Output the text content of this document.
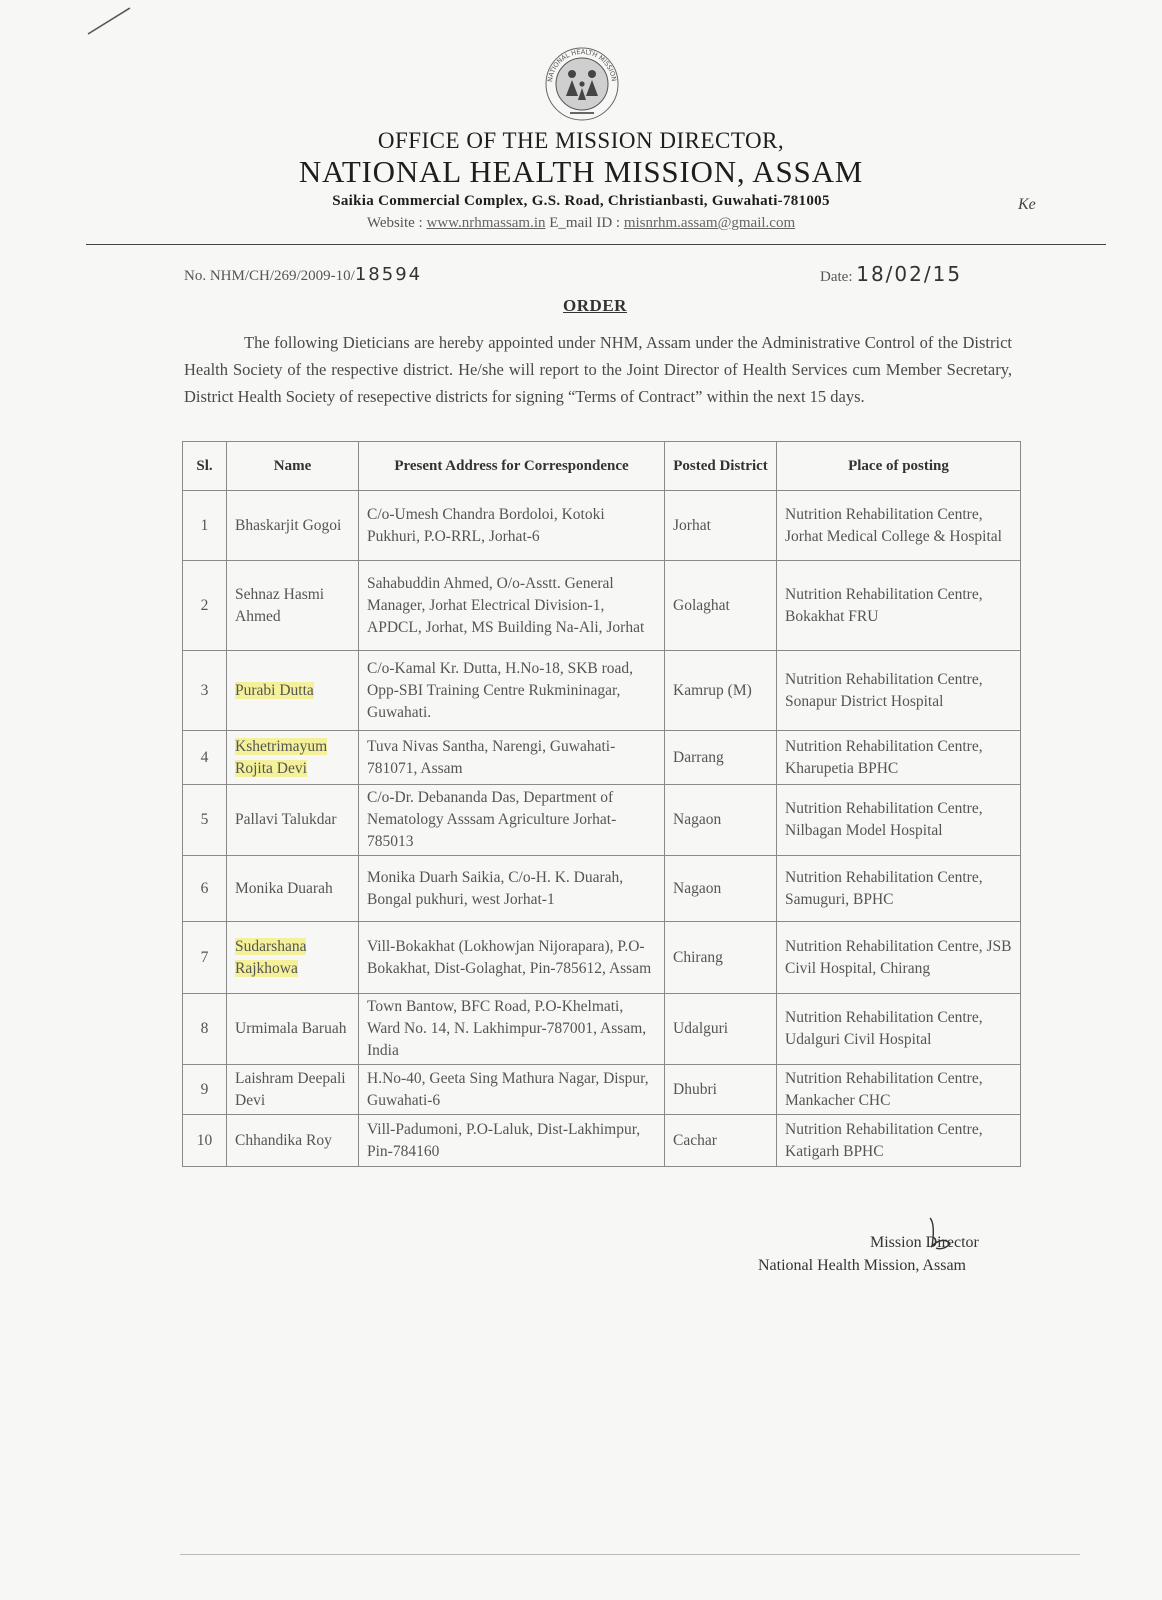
NATIONAL HEALTH MISSION
OFFICE OF THE MISSION DIRECTOR,
NATIONAL HEALTH MISSION, ASSAM
Saikia Commercial Complex, G.S. Road, Christianbasti, Guwahati-781005
Website : www.nrhmassam.in E_mail ID : misnrhm.assam@gmail.com
Ke
No. NHM/CH/269/2009-10/18594	Date: 18/02/15
ORDER
The following Dieticians are hereby appointed under NHM, Assam under the Administrative Control of the District Health Society of the respective district. He/she will report to the Joint Director of Health Services cum Member Secretary, District Health Society of resepective districts for signing “Terms of Contract” within the next 15 days.
Sl.	Name	Present Address for Correspondence	Posted District	Place of posting
1	Bhaskarjit Gogoi	C/o-Umesh Chandra Bordoloi, Kotoki Pukhuri, P.O-RRL, Jorhat-6	Jorhat	Nutrition Rehabilitation Centre, Jorhat Medical College & Hospital
2	Sehnaz Hasmi Ahmed	Sahabuddin Ahmed, O/o-Asstt. General Manager, Jorhat Electrical Division-1, APDCL, Jorhat, MS Building Na-Ali, Jorhat	Golaghat	Nutrition Rehabilitation Centre, Bokakhat FRU
3	Purabi Dutta	C/o-Kamal Kr. Dutta, H.No-18, SKB road, Opp-SBI Training Centre Rukmininagar, Guwahati.	Kamrup (M)	Nutrition Rehabilitation Centre, Sonapur District Hospital
4	Kshetrimayum Rojita Devi	Tuva Nivas Santha, Narengi, Guwahati-781071, Assam	Darrang	Nutrition Rehabilitation Centre, Kharupetia BPHC
5	Pallavi Talukdar	C/o-Dr. Debananda Das, Department of Nematology Asssam Agriculture Jorhat-785013	Nagaon	Nutrition Rehabilitation Centre, Nilbagan Model Hospital
6	Monika Duarah	Monika Duarh Saikia, C/o-H. K. Duarah, Bongal pukhuri, west Jorhat-1	Nagaon	Nutrition Rehabilitation Centre, Samuguri, BPHC
7	Sudarshana Rajkhowa	Vill-Bokakhat (Lokhowjan Nijorapara), P.O-Bokakhat, Dist-Golaghat, Pin-785612, Assam	Chirang	Nutrition Rehabilitation Centre, JSB Civil Hospital, Chirang
8	Urmimala Baruah	Town Bantow, BFC Road, P.O-Khelmati, Ward No. 14, N. Lakhimpur-787001, Assam, India	Udalguri	Nutrition Rehabilitation Centre, Udalguri Civil Hospital
9	Laishram Deepali Devi	H.No-40, Geeta Sing Mathura Nagar, Dispur, Guwahati-6	Dhubri	Nutrition Rehabilitation Centre, Mankacher CHC
10	Chhandika Roy	Vill-Padumoni, P.O-Laluk, Dist-Lakhimpur, Pin-784160	Cachar	Nutrition Rehabilitation Centre, Katigarh BPHC
Mission Director
National Health Mission, Assam
